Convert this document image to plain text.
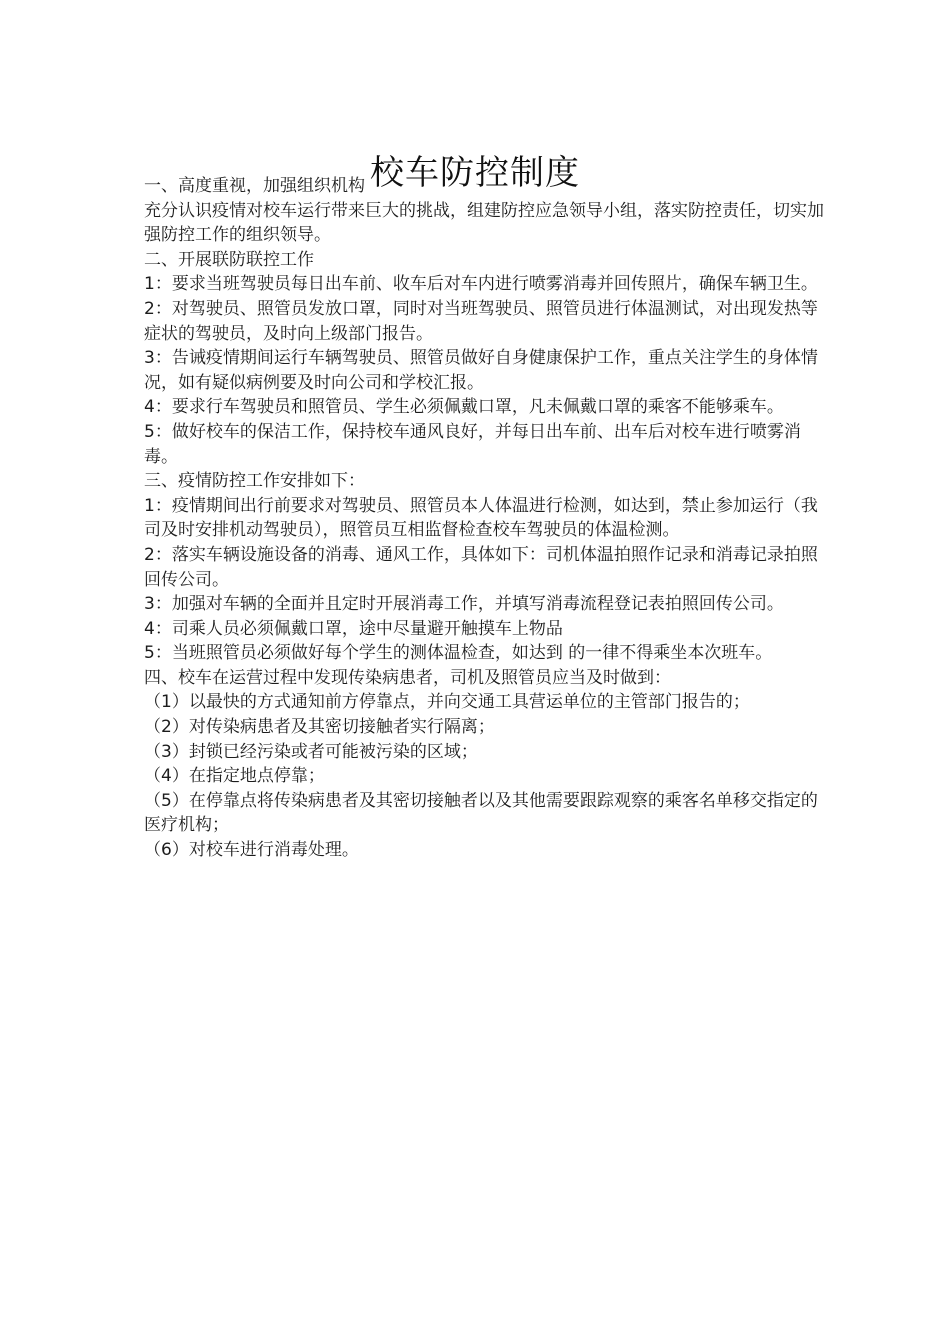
校车防控制度

一、高度重视，加强组织机构

充分认识疫情对校车运行带来巨大的挑战，组建防控应急领导小组，落实防控责任，切实加强防控工作的组织领导。

二、开展联防联控工作

1：要求当班驾驶员每日出车前、收车后对车内进行喷雾消毒并回传照片，确保车辆卫生。

2：对驾驶员、照管员发放口罩，同时对当班驾驶员、照管员进行体温测试，对出现发热等症状的驾驶员，及时向上级部门报告。

3：告诫疫情期间运行车辆驾驶员、照管员做好自身健康保护工作，重点关注学生的身体情况，如有疑似病例要及时向公司和学校汇报。

4：要求行车驾驶员和照管员、学生必须佩戴口罩，凡未佩戴口罩的乘客不能够乘车。

5：做好校车的保洁工作，保持校车通风良好，并每日出车前、出车后对校车进行喷雾消毒。

三、疫情防控工作安排如下：

1：疫情期间出行前要求对驾驶员、照管员本人体温进行检测，如达到，禁止参加运行（我司及时安排机动驾驶员），照管员互相监督检查校车驾驶员的体温检测。

2：落实车辆设施设备的消毒、通风工作，具体如下：司机体温拍照作记录和消毒记录拍照回传公司。

3：加强对车辆的全面并且定时开展消毒工作，并填写消毒流程登记表拍照回传公司。

4：司乘人员必须佩戴口罩，途中尽量避开触摸车上物品

5：当班照管员必须做好每个学生的测体温检查，如达到 的一律不得乘坐本次班车。

四、校车在运营过程中发现传染病患者，司机及照管员应当及时做到：

（1）以最快的方式通知前方停靠点，并向交通工具营运单位的主管部门报告的；

（2）对传染病患者及其密切接触者实行隔离；

（3）封锁已经污染或者可能被污染的区域；

（4）在指定地点停靠；

（5）在停靠点将传染病患者及其密切接触者以及其他需要跟踪观察的乘客名单移交指定的医疗机构；

（6）对校车进行消毒处理。
